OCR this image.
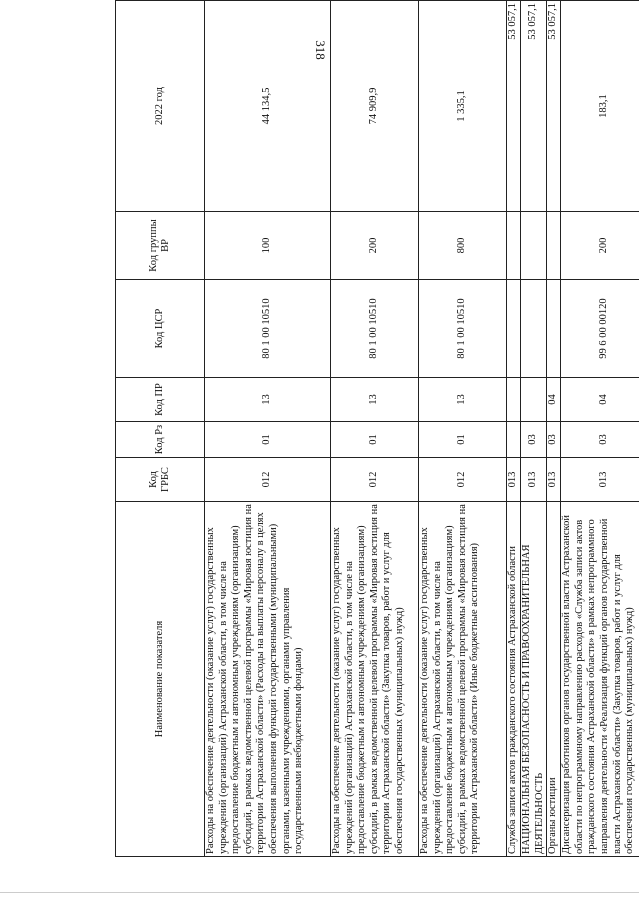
318
Наименование показателя	Код ГРБС	Код Рз	Код ПР	Код ЦСР	Код группы ВР	2022 год
Расходы на обеспечение деятельности (оказание услуг) государственных учреждений (организаций) Астраханской области, в том числе на предоставление бюджетным и автономным учреждениям (организациям) субсидий, в рамках ведомственной целевой программы «Мировая юстиция на территории Астраханской области» (Расходы на выплаты персоналу в целях обеспечения выполнения функций государственными (муниципальными) органами, казенными учреждениями, органами управления государственными внебюджетными фондами)	012	01	13	80 1 00 10510	100	44 134,5
Расходы на обеспечение деятельности (оказание услуг) государственных учреждений (организаций) Астраханской области, в том числе на предоставление бюджетным и автономным учреждениям (организациям) субсидий, в рамках ведомственной целевой программы «Мировая юстиция на территории Астраханской области» (Закупка товаров, работ и услуг для обеспечения государственных (муниципальных) нужд)	012	01	13	80 1 00 10510	200	74 909,9
Расходы на обеспечение деятельности (оказание услуг) государственных учреждений (организаций) Астраханской области, в том числе на предоставление бюджетным и автономным учреждениям (организациям) субсидий, в рамках ведомственной целевой программы «Мировая юстиция на территории Астраханской области» (Иные бюджетные ассигнования)	012	01	13	80 1 00 10510	800	1 335,1
Служба записи актов гражданского состояния Астраханской области	013					53 057,1
НАЦИОНАЛЬНАЯ БЕЗОПАСНОСТЬ И ПРАВООХРАНИТЕЛЬНАЯ ДЕЯТЕЛЬНОСТЬ	013	03				53 057,1
Органы юстиции	013	03	04			53 057,1
Дисансеризация работников органов государственной власти Астраханской области по непрограммному направлению расходов «Служба записи актов гражданского состояния Астраханской области» в рамках непрограммного направления деятельности «Реализация функций органов государственной власти Астраханской области» (Закупка товаров, работ и услуг для обеспечения государственных (муниципальных) нужд)	013	03	04	99 6 00 00120	200	183,1
